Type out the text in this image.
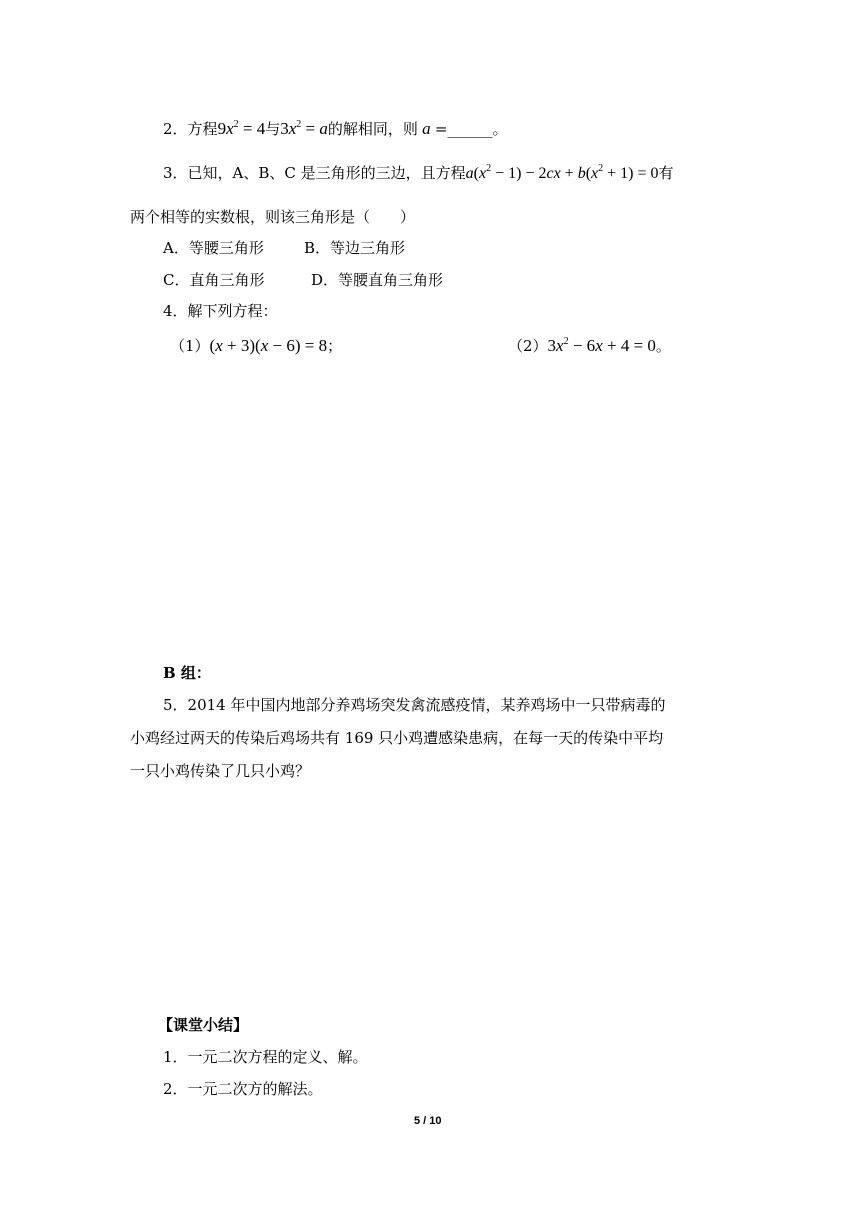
2．方程$9x^2 = 4$与$3x^2 = a$的解相同，则 a =______。
3．已知，A、B、C 是三角形的三边，且方程$a(x^2 - 1) - 2cx + b(x^2 + 1) = 0$有
两个相等的实数根，则该三角形是（　　）
A．等腰三角形	B．等边三角形
C．直角三角形	D．等腰直角三角形
4．解下列方程：
（1）(x + 3)(x − 6) = 8；	$(2)3x^2 - 6x + 4 = 0$。
B 组：
5．2014 年中国内地部分养鸡场突发禽流感疫情，某养鸡场中一只带病毒的
小鸡经过两天的传染后鸡场共有 169 只小鸡遭感染患病，在每一天的传染中平均
一只小鸡传染了几只小鸡？
【课堂小结】
1．一元二次方程的定义、解。
2．一元二次方的解法。
5 / 10
